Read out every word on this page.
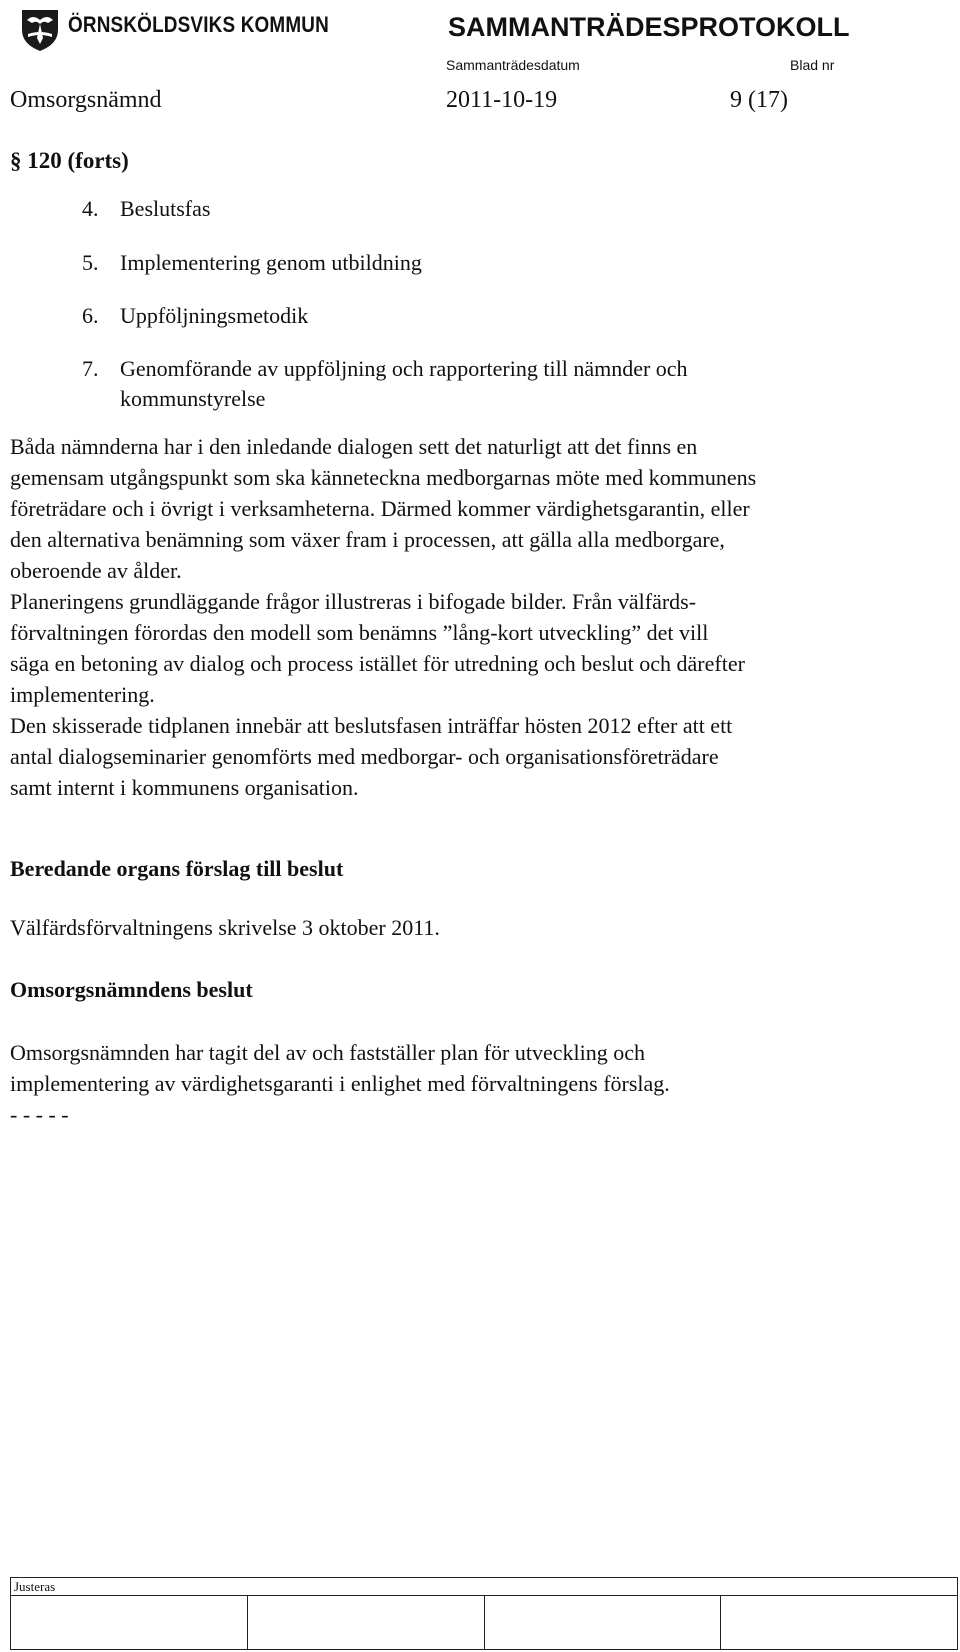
ÖRNSKÖLDSVIKS KOMMUN	SAMMANTRÄDESPROTOKOLL
Sammanträdesdatum	Blad nr
Omsorgsnämnd	2011-10-19	9 (17)
§ 120 (forts)
4. Beslutsfas
5. Implementering genom utbildning
6. Uppföljningsmetodik
7. Genomförande av uppföljning och rapportering till nämnder och
kommunstyrelse
Båda nämnderna har i den inledande dialogen sett det naturligt att det finns en
gemensam utgångspunkt som ska känneteckna medborgarnas möte med kommunens
företrädare och i övrigt i verksamheterna. Därmed kommer värdighetsgarantin, eller
den alternativa benämning som växer fram i processen, att gälla alla medborgare,
oberoende av ålder.
Planeringens grundläggande frågor illustreras i bifogade bilder. Från välfärds-
förvaltningen förordas den modell som benämns ”lång-kort utveckling” det vill
säga en betoning av dialog och process istället för utredning och beslut och därefter
implementering.
Den skisserade tidplanen innebär att beslutsfasen inträffar hösten 2012 efter att ett
antal dialogseminarier genomförts med medborgar- och organisationsföreträdare
samt internt i kommunens organisation.
Beredande organs förslag till beslut
Välfärdsförvaltningens skrivelse 3 oktober 2011.
Omsorgsnämndens beslut
Omsorgsnämnden har tagit del av och fastställer plan för utveckling och
implementering av värdighetsgaranti i enlighet med förvaltningens förslag.
- - - - -
Justeras
